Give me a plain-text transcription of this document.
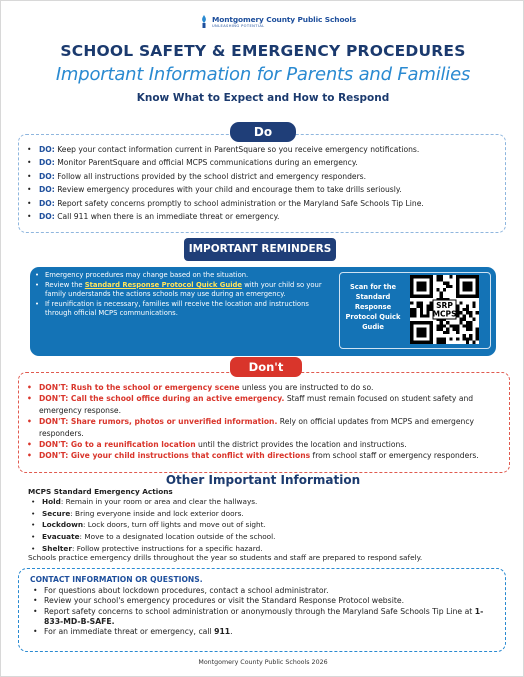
Montgomery County Public Schools
UNLEASHING POTENTIAL
SCHOOL SAFETY & EMERGENCY PROCEDURES
Important Information for Parents and Families
Know What to Expect and How to Respond
Do
• DO: Keep your contact information current in ParentSquare so you receive emergency notifications.
• DO: Monitor ParentSquare and official MCPS communications during an emergency.
• DO: Follow all instructions provided by the school district and emergency responders.
• DO: Review emergency procedures with your child and encourage them to take drills seriously.
• DO: Report safety concerns promptly to school administration or the Maryland Safe Schools Tip Line.
• DO: Call 911 when there is an immediate threat or emergency.
IMPORTANT REMINDERS
• Emergency procedures may change based on the situation.
• Review the Standard Response Protocol Quick Guide with your child so your family understands the actions schools may use during an emergency.
• If reunification is necessary, families will receive the location and instructions through official MCPS communications.
Scan for the Standard Response Protocol Quick Gudie
SRP
MCPS
Don't
• DON'T: Rush to the school or emergency scene unless you are instructed to do so.
• DON'T: Call the school office during an active emergency. Staff must remain focused on student safety and emergency response.
• DON'T: Share rumors, photos or unverified information. Rely on official updates from MCPS and emergency responders.
• DON'T: Go to a reunification location until the district provides the location and instructions.
• DON'T: Give your child instructions that conflict with directions from school staff or emergency responders.
Other Important Information
MCPS Standard Emergency Actions
• Hold: Remain in your room or area and clear the hallways.
• Secure: Bring everyone inside and lock exterior doors.
• Lockdown: Lock doors, turn off lights and move out of sight.
• Evacuate: Move to a designated location outside of the school.
• Shelter: Follow protective instructions for a specific hazard.
Schools practice emergency drills throughout the year so students and staff are prepared to respond safely.
CONTACT INFORMATION OR QUESTIONS.
• For questions about lockdown procedures, contact a school administrator.
• Review your school's emergency procedures or visit the Standard Response Protocol website.
• Report safety concerns to school administration or anonymously through the Maryland Safe Schools Tip Line at 1-833-MD-B-SAFE.
• For an immediate threat or emergency, call 911.
Montgomery County Public Schools 2026
